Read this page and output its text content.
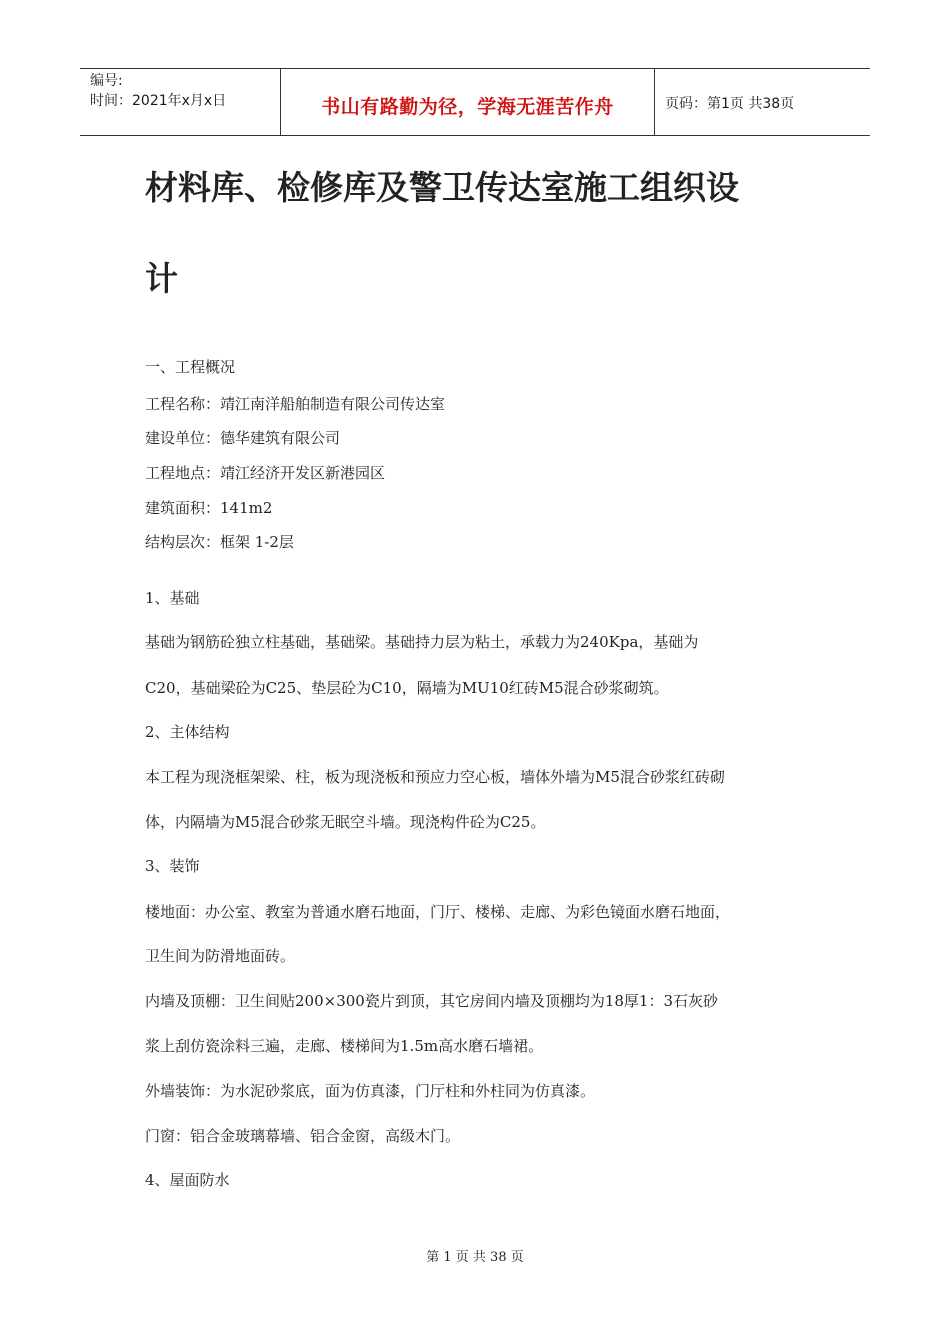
编号:
时间：2021年x月x日	书山有路勤为径，学海无涯苦作舟	页码：第1页 共38页
材料库、检修库及警卫传达室施工组织设
计
一、工程概况
工程名称：靖江南洋船舶制造有限公司传达室
建设单位：德华建筑有限公司
工程地点：靖江经济开发区新港园区
建筑面积：141m2
结构层次：框架 1-2层
1、基础
基础为钢筋砼独立柱基础，基础梁。基础持力层为粘土，承载力为240Kpa，基础为
C20，基础梁砼为C25、垫层砼为C10，隔墙为MU10红砖M5混合砂浆砌筑。
2、主体结构
本工程为现浇框架梁、柱，板为现浇板和预应力空心板，墙体外墙为M5混合砂浆红砖砌
体，内隔墙为M5混合砂浆无眠空斗墙。现浇构件砼为C25。
3、装饰
楼地面：办公室、教室为普通水磨石地面，门厅、楼梯、走廊、为彩色镜面水磨石地面，
卫生间为防滑地面砖。
内墙及顶棚：卫生间贴200×300瓷片到顶，其它房间内墙及顶棚均为18厚1：3石灰砂
浆上刮仿瓷涂料三遍，走廊、楼梯间为1.5m高水磨石墙裙。
外墙装饰：为水泥砂浆底，面为仿真漆，门厅柱和外柱同为仿真漆。
门窗：铝合金玻璃幕墙、铝合金窗，高级木门。
4、屋面防水
第 1 页 共 38 页
